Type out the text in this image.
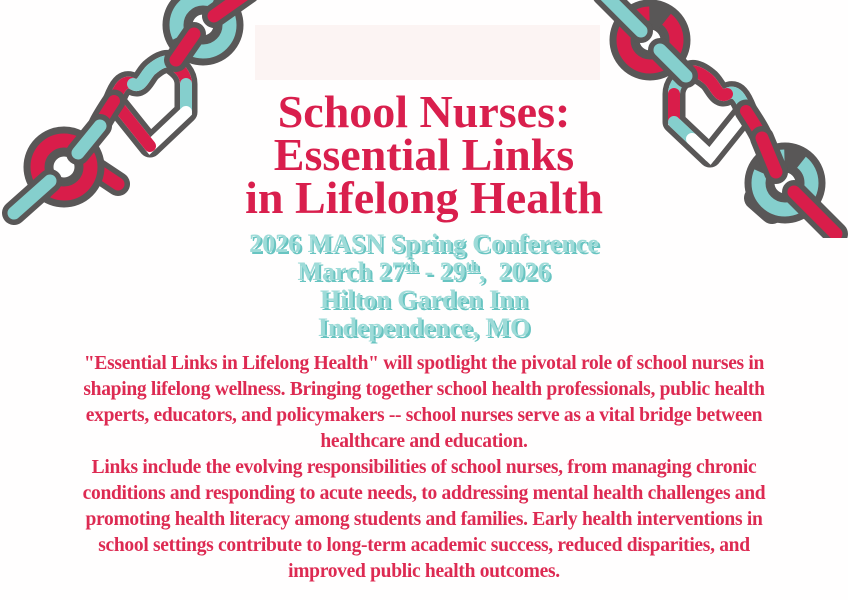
School Nurses:
Essential Links
in Lifelong Health
2026 MASN Spring Conference
March 27th - 29th,  2026
Hilton Garden Inn
Independence, MO

"Essential Links in Lifelong Health" will spotlight the pivotal role of school nurses in shaping lifelong wellness. Bringing together school health professionals, public health experts, educators, and policymakers -- school nurses serve as a vital bridge between healthcare and education.

Links include the evolving responsibilities of school nurses, from managing chronic conditions and responding to acute needs, to addressing mental health challenges and promoting health literacy among students and families. Early health interventions in school settings contribute to long-term academic success, reduced disparities, and improved public health outcomes.
